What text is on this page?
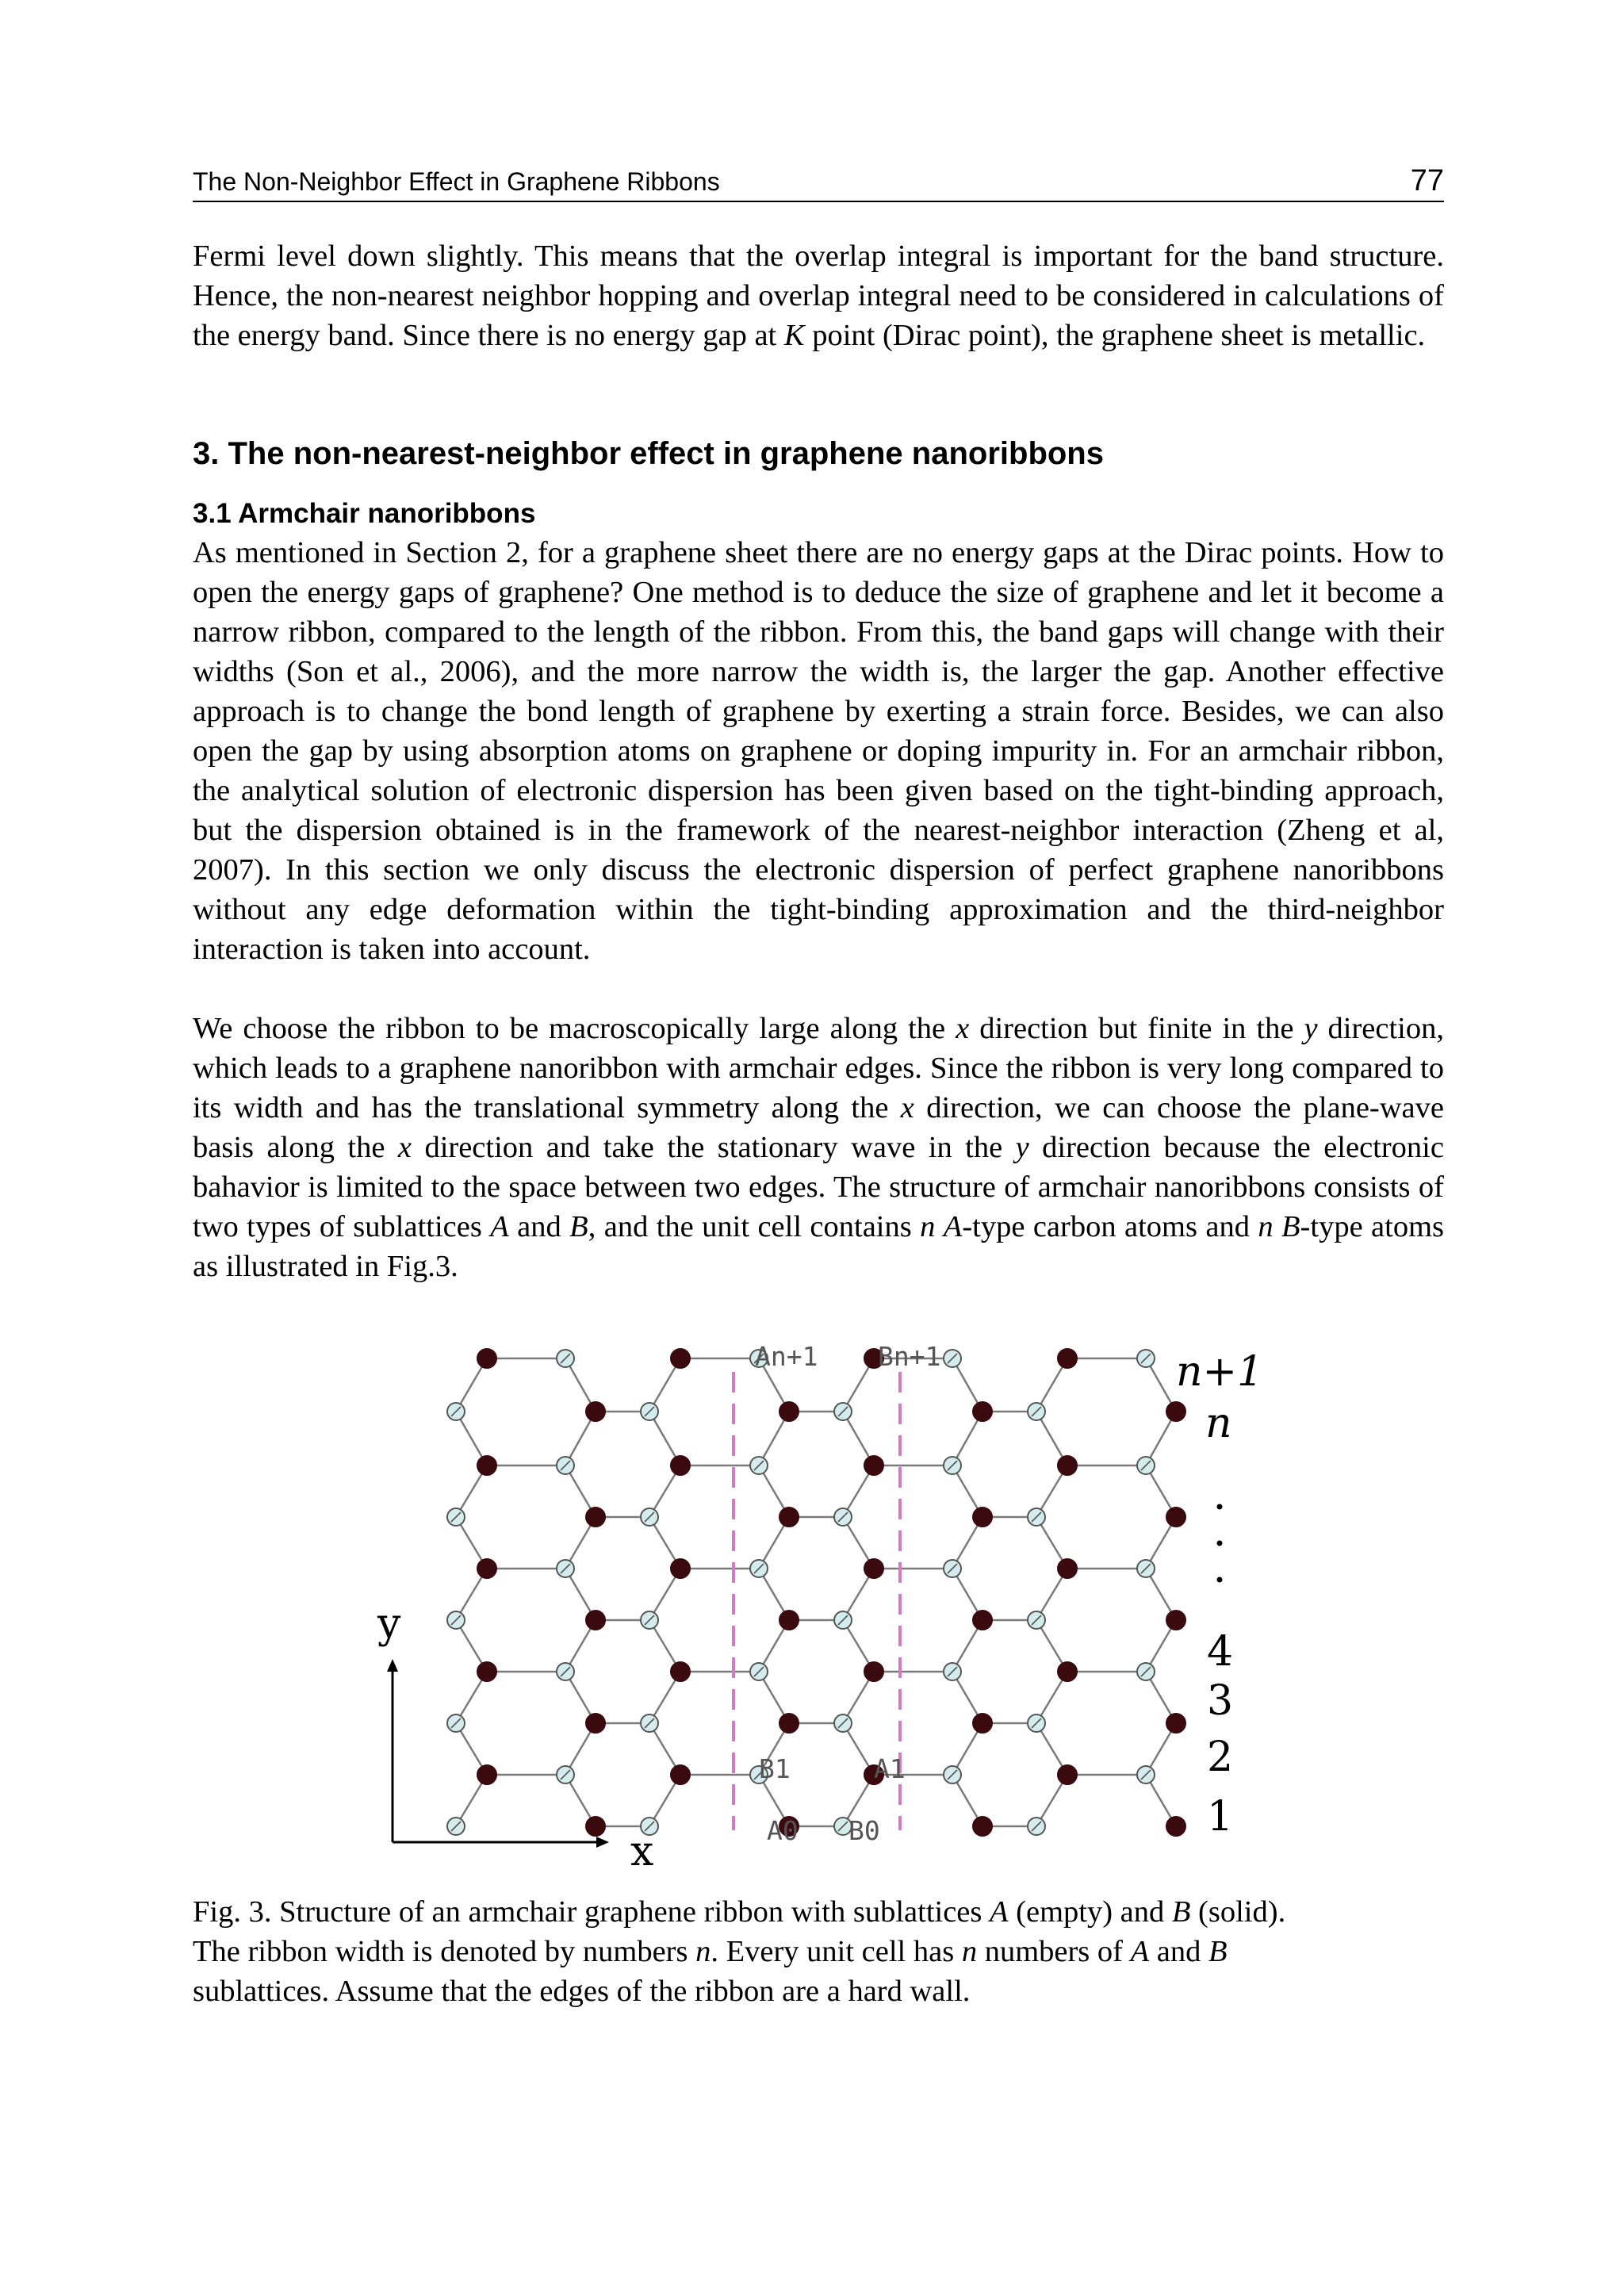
The Non-Neighbor Effect in Graphene Ribbons	77

Fermi level down slightly. This means that the overlap integral is important for the band structure. Hence, the non-nearest neighbor hopping and overlap integral need to be considered in calculations of the energy band. Since there is no energy gap at K point (Dirac point), the graphene sheet is metallic.

3. The non-nearest-neighbor effect in graphene nanoribbons
3.1 Armchair nanoribbons

As mentioned in Section 2, for a graphene sheet there are no energy gaps at the Dirac points. How to open the energy gaps of graphene? One method is to deduce the size of graphene and let it become a narrow ribbon, compared to the length of the ribbon. From this, the band gaps will change with their widths (Son et al., 2006), and the more narrow the width is, the larger the gap. Another effective approach is to change the bond length of graphene by exerting a strain force. Besides, we can also open the gap by using absorption atoms on graphene or doping impurity in. For an armchair ribbon, the analytical solution of electronic dispersion has been given based on the tight-binding approach, but the dispersion obtained is in the framework of the nearest-neighbor interaction (Zheng et al, 2007). In this section we only discuss the electronic dispersion of perfect graphene nanoribbons without any edge deformation within the tight-binding approximation and the third-neighbor interaction is taken into account.

We choose the ribbon to be macroscopically large along the x direction but finite in the y direction, which leads to a graphene nanoribbon with armchair edges. Since the ribbon is very long compared to its width and has the translational symmetry along the x direction, we can choose the plane-wave basis along the x direction and take the stationary wave in the y direction because the electronic bahavior is limited to the space between two edges. The structure of armchair nanoribbons consists of two types of sublattices A and B, and the unit cell contains n A-type carbon atoms and n B-type atoms as illustrated in Fig.3.

x
y
An+1 Bn+1
B1	A1
A0 B0
n+1
n
4
3
2
1

Fig. 3. Structure of an armchair graphene ribbon with sublattices A (empty) and B (solid).
The ribbon width is denoted by numbers n. Every unit cell has n numbers of A and B
sublattices. Assume that the edges of the ribbon are a hard wall.
